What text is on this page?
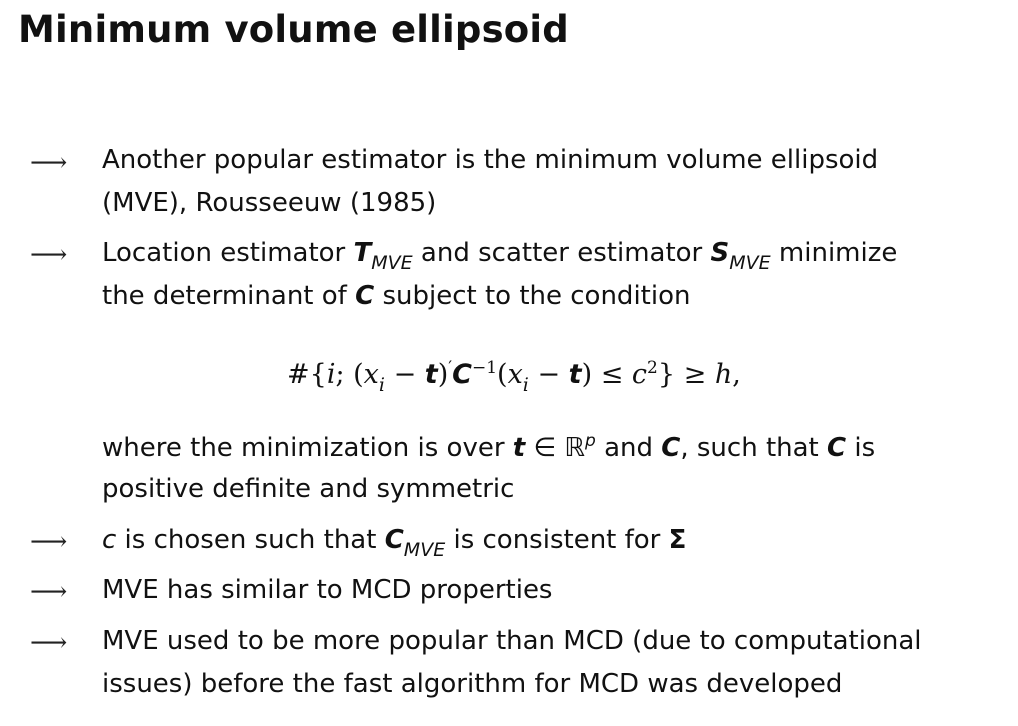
Minimum volume ellipsoid
⟶ Another popular estimator is the minimum volume ellipsoid
(MVE), Rousseeuw (1985)
⟶ Location estimator $T_{MVE}$ and scatter estimator $S_{MVE}$ minimize
the determinant of C subject to the condition
#{i; $(x_i - t)'C^{-1}(x_i - t) \le c^2\} \ge h$,
where the minimization is over t ∈ ℝ$^p$ and C, such that C is
positive definite and symmetric
⟶ c is chosen such that $C_{MVE}$ is consistent for Σ
⟶ MVE has similar to MCD properties
⟶ MVE used to be more popular than MCD (due to computational
issues) before the fast algorithm for MCD was developed
